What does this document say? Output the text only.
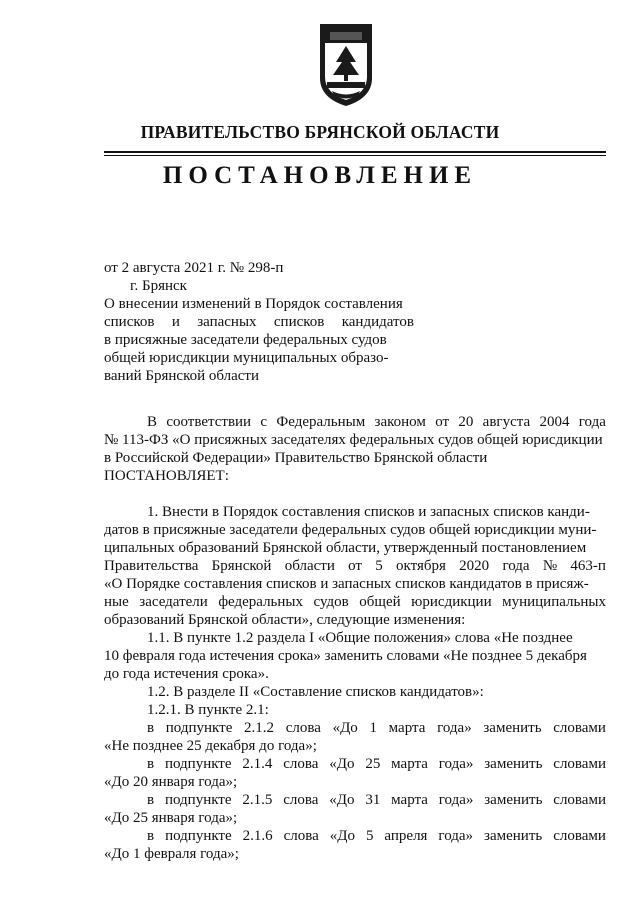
ПРАВИТЕЛЬСТВО БРЯНСКОЙ ОБЛАСТИ
ПОСТАНОВЛЕНИЕ
от 2 августа 2021 г. № 298-п
г. Брянск
О внесении изменений в Порядок составления
списков и запасных списков кандидатов
в присяжные заседатели федеральных судов
общей юрисдикции муниципальных образо-
ваний Брянской области
В соответствии с Федеральным законом от 20 августа 2004 года
№ 113-ФЗ «О присяжных заседателях федеральных судов общей юрисдикции
в Российской Федерации» Правительство Брянской области
ПОСТАНОВЛЯЕТ:
1. Внести в Порядок составления списков и запасных списков канди-
датов в присяжные заседатели федеральных судов общей юрисдикции муни-
ципальных образований Брянской области, утвержденный постановлением
Правительства Брянской области от 5 октября 2020 года № 463-п
«О Порядке составления списков и запасных списков кандидатов в присяж-
ные заседатели федеральных судов общей юрисдикции муниципальных
образований Брянской области», следующие изменения:
1.1. В пункте 1.2 раздела I «Общие положения» слова «Не позднее
10 февраля года истечения срока» заменить словами «Не позднее 5 декабря
до года истечения срока».
1.2. В разделе II «Составление списков кандидатов»:
1.2.1. В пункте 2.1:
в подпункте 2.1.2 слова «До 1 марта года» заменить словами
«Не позднее 25 декабря до года»;
в подпункте 2.1.4 слова «До 25 марта года» заменить словами
«До 20 января года»;
в подпункте 2.1.5 слова «До 31 марта года» заменить словами
«До 25 января года»;
в подпункте 2.1.6 слова «До 5 апреля года» заменить словами
«До 1 февраля года»;
